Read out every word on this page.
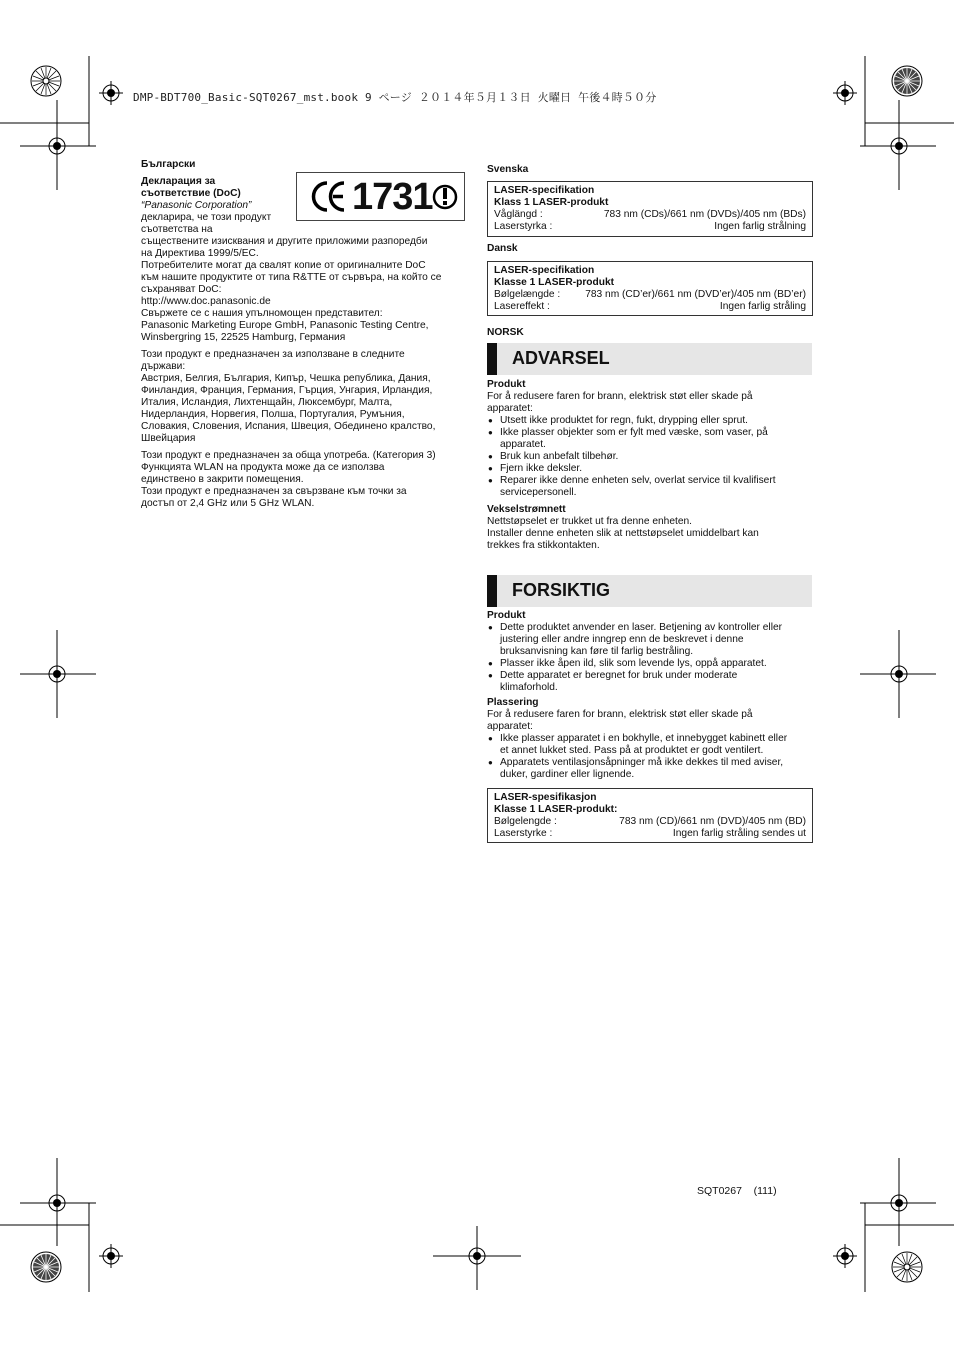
DMP-BDT700_Basic-SQT0267_mst.book 9 ページ ２０１４年５月１３日 火曜日 午後４時５０分
Български
Декларация за
съответствие (DoC)
“Panasonic Corporation”
декларира, че този продукт
съответства на
съществените изисквания и другите приложими разпоредби
на Директива 1999/5/EC.
Потребителите могат да свалят копие от оригиналните DoC
към нашите продуктите от типа R&TTE от сървъра, на който се
съхраняват DoC:
http://www.doc.panasonic.de
Свържете се с нашия упълномощен представител:
Panasonic Marketing Europe GmbH, Panasonic Testing Centre,
Winsbergring 15, 22525 Hamburg, Германия
Този продукт е предназначен за използване в следните
държави:
Австрия, Белгия, България, Кипър, Чешка република, Дания,
Финландия, Франция, Германия, Гърция, Унгария, Ирландия,
Италия, Исландия, Лихтенщайн, Люксембург, Малта,
Нидерландия, Норвегия, Полша, Португалия, Румъния,
Словакия, Словения, Испания, Швеция, Обединено кралство,
Швейцария
Този продукт е предназначен за обща употреба. (Категория 3)
Функцията WLAN на продукта може да се използва
единствено в закрити помещения.
Този продукт е предназначен за свързване към точки за
достъп от 2,4 GHz или 5 GHz WLAN.
1731
Svenska
LASER-specifikation
Klass 1 LASER-produkt
Våglängd :	783 nm (CDs)/661 nm (DVDs)/405 nm (BDs)
Laserstyrka :	Ingen farlig strålning
Dansk
LASER-specifikation
Klasse 1 LASER-produkt
Bølgelængde : 783 nm (CD’er)/661 nm (DVD’er)/405 nm (BD’er)
Lasereffekt :	Ingen farlig stråling
NORSK
ADVARSEL
Produkt
For å redusere faren for brann, elektrisk støt eller skade på
apparatet:
● Utsett ikke produktet for regn, fukt, drypping eller sprut.
● Ikke plasser objekter som er fylt med væske, som vaser, på
apparatet.
● Bruk kun anbefalt tilbehør.
● Fjern ikke deksler.
● Reparer ikke denne enheten selv, overlat service til kvalifisert
servicepersonell.
Vekselstrømnett
Nettstøpselet er trukket ut fra denne enheten.
Installer denne enheten slik at nettstøpselet umiddelbart kan
trekkes fra stikkontakten.
FORSIKTIG
Produkt
● Dette produktet anvender en laser. Betjening av kontroller eller
justering eller andre inngrep enn de beskrevet i denne
bruksanvisning kan føre til farlig bestråling.
● Plasser ikke åpen ild, slik som levende lys, oppå apparatet.
● Dette apparatet er beregnet for bruk under moderate
klimaforhold.
Plassering
For å redusere faren for brann, elektrisk støt eller skade på
apparatet:
● Ikke plasser apparatet i en bokhylle, et innebygget kabinett eller
et annet lukket sted. Pass på at produktet er godt ventilert.
● Apparatets ventilasjonsåpninger må ikke dekkes til med aviser,
duker, gardiner eller lignende.
LASER-spesifikasjon
Klasse 1 LASER-produkt:
Bølgelengde :	783 nm (CD)/661 nm (DVD)/405 nm (BD)
Laserstyrke :	Ingen farlig stråling sendes ut
SQT0267 (111)
